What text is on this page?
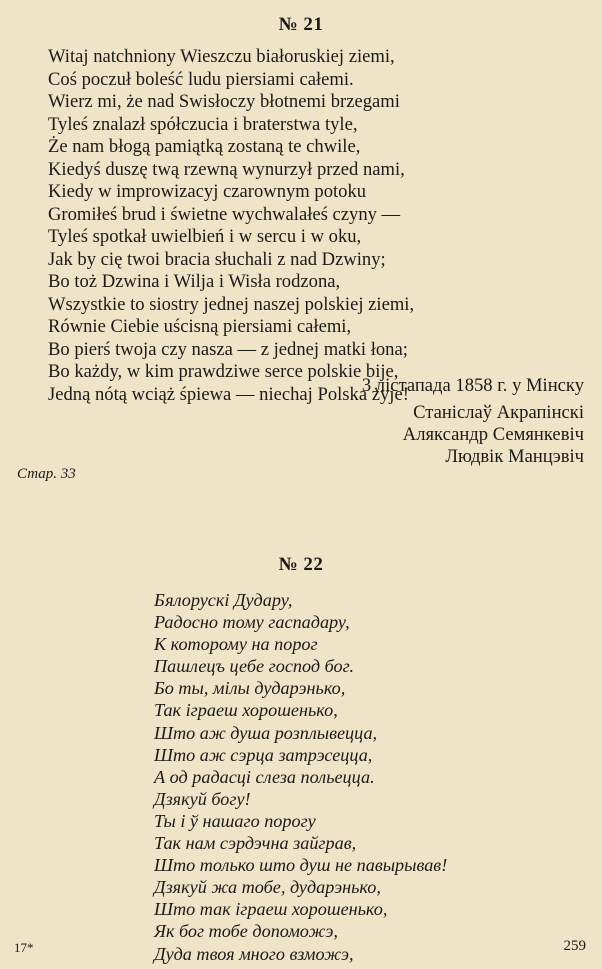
№ 21
Witaj natchniony Wieszczu białoruskiej ziemi,
Coś poczuł boleść ludu piersiami całemi.
Wierz mi, że nad Swisłoczy błotnemi brzegami
Tyleś znalazł spółczucia i braterstwa tyle,
Że nam błogą pamiątką zostaną te chwile,
Kiedyś duszę twą rzewną wynurzył przed nami,
Kiedy w improwizacyj czarownym potoku
Gromiłeś brud i świetne wychwalałeś czyny —
Tyleś spotkał uwielbień i w sercu i w oku,
Jak by cię twoi bracia słuchali z nad Dzwiny;
Bo toż Dzwina i Wilja i Wisła rodzona,
Wszystkie to siostry jednej naszej polskiej ziemi,
Równie Ciebie uścisną piersiami całemi,
Bo pierś twoja czy nasza — z jednej matki łona;
Bo każdy, w kim prawdziwe serce polskie bije,
Jedną nótą wciąż śpiewa — niechaj Polska żyje!
3 лістапада 1858 г. у Мінску
Станіслаў Акрапінскі
Аляксандр Семянкевіч
Людвік Манцэвіч
Стар. 33
№ 22
Бялорускі Дудару,
Радосно тому гаспадару,
К которому на порог
Пашлецъ цебе господ бог.
Бо ты, мілы дударэнько,
Так іграеш хорошенько,
Што аж душа розплывецца,
Што аж сэрца затрэсецца,
А од радасці слеза польецца.
Дзякуй богу!
Ты і ў нашаго порогу
Так нам сэрдэчна зайграв,
Што только што душ не павырывав!
Дзякуй жа тобе, дударэнько,
Што так іграеш хорошенько,
Як бог тобе допоможэ,
Дуда твоя много взможэ,
17*	259
